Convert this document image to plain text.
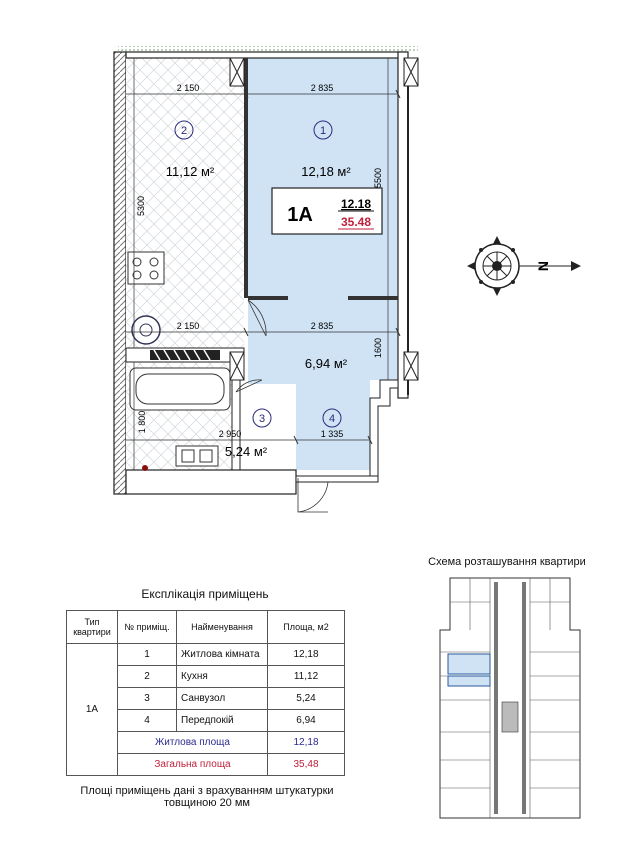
2 150	2 835
2 150	2 835
2 950	1 335
5300
5500
1600
1 800
2	1
3	4
11,12 м²	12,18 м²
6,94 м²
5,24 м²
1A 12.18
35.48
N
Експлікація приміщень
Тип квартири	№ приміщ.	Найменування	Площа, м2
1А	1	Житлова кімната	12,18
	2	Кухня	11,12
	3	Санвузол	5,24
	4	Передпокій	6,94
	Житлова площа		12,18
	Загальна площа		35,48
Площі приміщень дані з врахуванням штукатурки товщиною 20 мм
Схема розташування квартири
